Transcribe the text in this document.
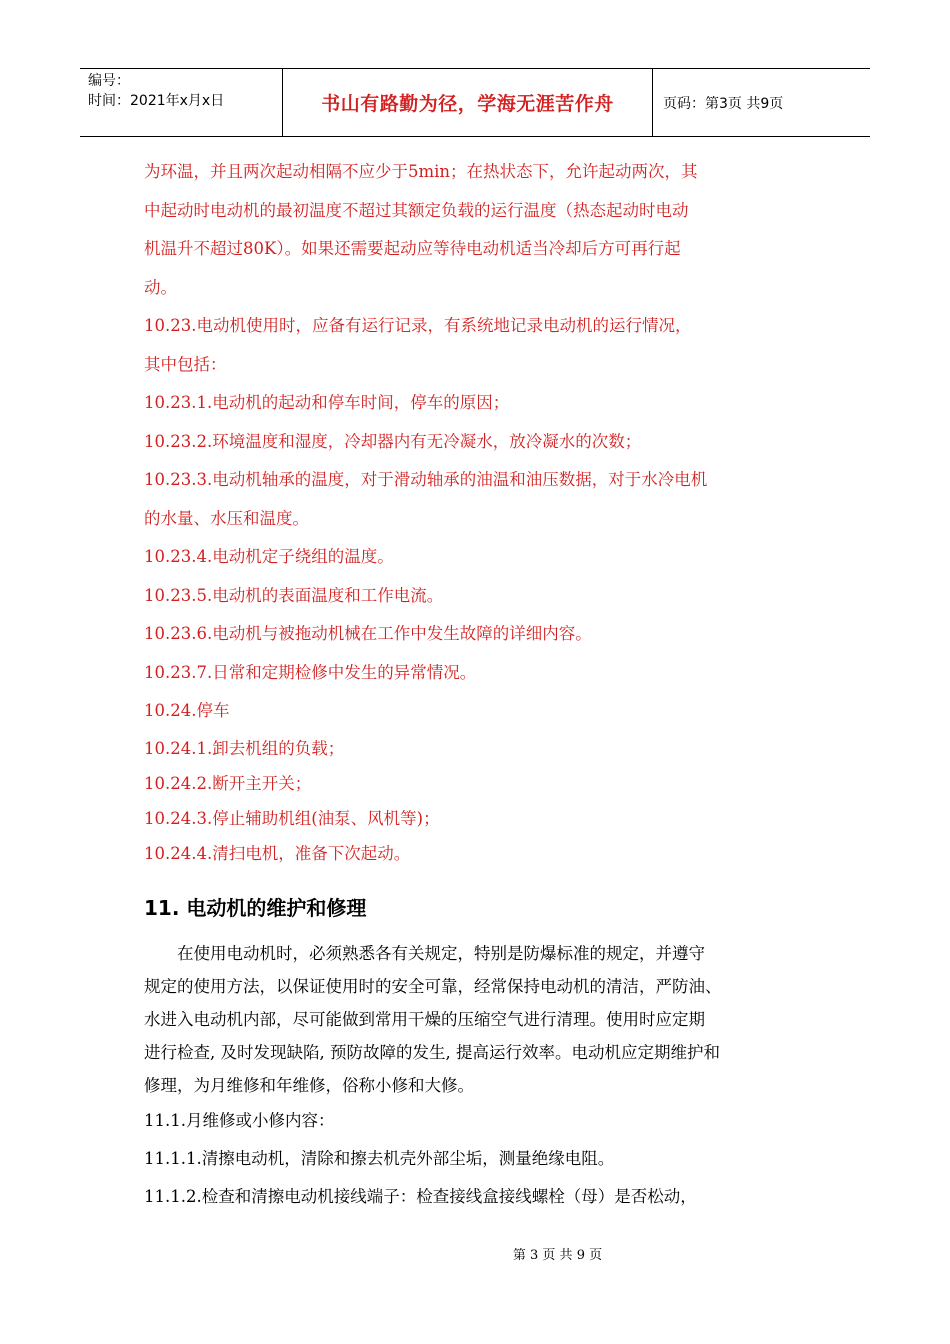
编号：
时间：2021年x月x日	书山有路勤为径，学海无涯苦作舟	页码：第3页 共9页

为环温，并且两次起动相隔不应少于5min；在热状态下，允许起动两次，其

中起动时电动机的最初温度不超过其额定负载的运行温度（热态起动时电动

机温升不超过80K）。如果还需要起动应等待电动机适当冷却后方可再行起

动。

10.23.电动机使用时，应备有运行记录，有系统地记录电动机的运行情况，

其中包括：

10.23.1.电动机的起动和停车时间，停车的原因；

10.23.2.环境温度和湿度，冷却器内有无冷凝水，放冷凝水的次数；

10.23.3.电动机轴承的温度，对于滑动轴承的油温和油压数据，对于水冷电机

的水量、水压和温度。

10.23.4.电动机定子绕组的温度。

10.23.5.电动机的表面温度和工作电流。

10.23.6.电动机与被拖动机械在工作中发生故障的详细内容。

10.23.7.日常和定期检修中发生的异常情况。

10.24.停车

10.24.1.卸去机组的负载；

10.24.2.断开主开关；

10.24.3.停止辅助机组(油泵、风机等)；

10.24.4.清扫电机，准备下次起动。

11. 电动机的维护和修理

在使用电动机时，必须熟悉各有关规定，特别是防爆标准的规定，并遵守

规定的使用方法，以保证使用时的安全可靠，经常保持电动机的清洁，严防油、

水进入电动机内部，尽可能做到常用干燥的压缩空气进行清理。使用时应定期

进行检查, 及时发现缺陷, 预防故障的发生, 提高运行效率。电动机应定期维护和

修理，为月维修和年维修，俗称小修和大修。

11.1.月维修或小修内容：

11.1.1.清擦电动机，清除和擦去机壳外部尘垢，测量绝缘电阻。

11.1.2.检查和清擦电动机接线端子：检查接线盒接线螺栓（母）是否松动，

第 3 页 共 9 页
